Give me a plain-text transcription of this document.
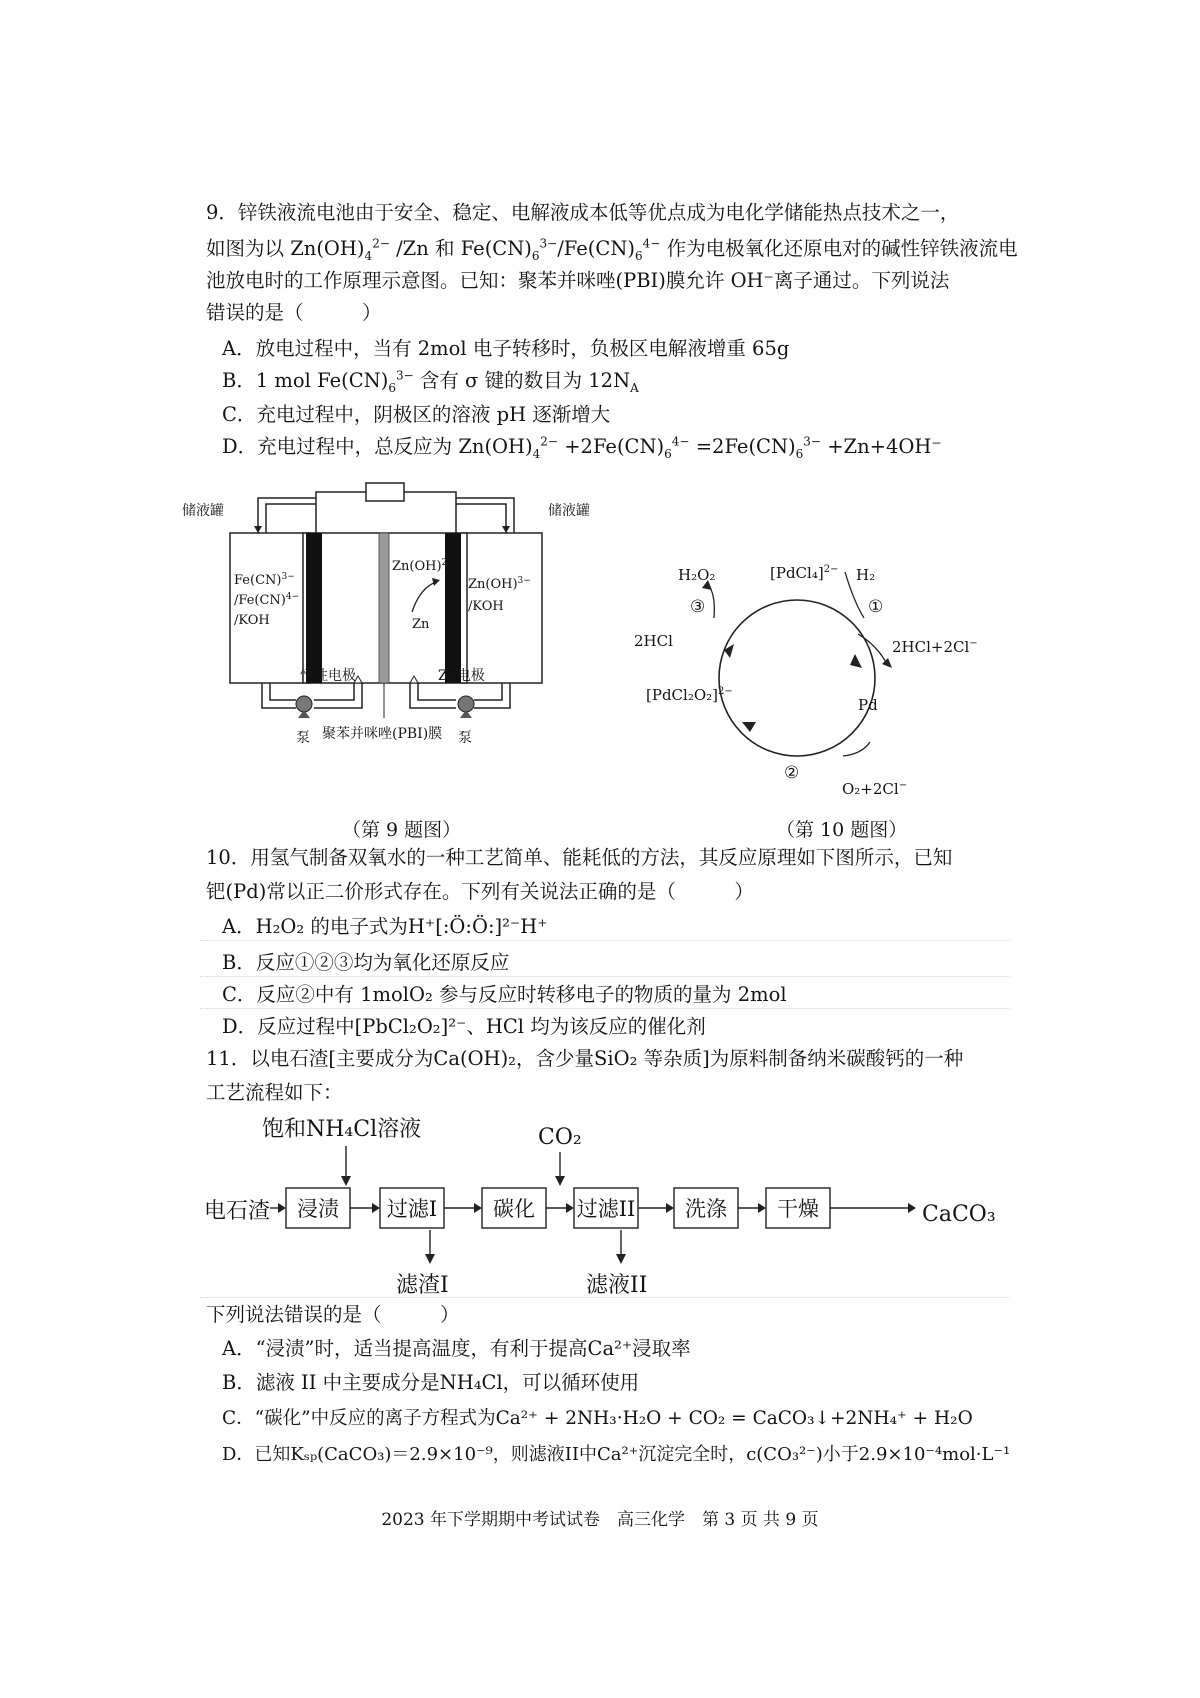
9．锌铁液流电池由于安全、稳定、电解液成本低等优点成为电化学储能热点技术之一，
如图为以 $Zn(OH)_4^{2-}$ /Zn 和 $Fe(CN)_6^{3-}/Fe(CN)_6^{4-}$ 作为电极氧化还原电对的碱性锌铁液流电
池放电时的工作原理示意图。已知：聚苯并咪唑(PBI)膜允许 OH⁻离子通过。下列说法
错误的是（　　　）
A．放电过程中，当有 2mol 电子转移时，负极区电解液增重 65g
B．1 mol $Fe(CN)_6^{3-}$ 含有 σ 键的数目为 $12N_A$
C．充电过程中，阴极区的溶液 pH 逐渐增大
D．充电过程中，总反应为 $Zn(OH)_4^{2-} +2Fe(CN)_6^{4-} =2Fe(CN)_6^{3-} +Zn+4OH^-$
储液罐	储液罐
Fe(CN)$^{3-}$
/Fe(CN)$^{4-}$
/KOH
Zn(OH)$^{3-}$
/KOH
Zn(OH)$^{2-}$
Zn
惰性电极	Zn电极
聚苯并咪唑(PBI)膜
泵	泵
（第 9 题图）
H₂O₂	[PdCl₄]$^{2-}$ H₂
①
③
2HCl	2HCl+2Cl−
Pd
[PdCl₂O₂]$^{2-}$
②
O₂+2Cl−
（第 10 题图）
10．用氢气制备双氧水的一种工艺简单、能耗低的方法，其反应原理如下图所示，已知
钯(Pd)常以正二价形式存在。下列有关说法正确的是（　　　）
A．H₂O₂ 的电子式为H⁺[:Ö:Ö:]²⁻H⁺
B．反应①②③均为氧化还原反应
C．反应②中有 1molO₂ 参与反应时转移电子的物质的量为 2mol
D．反应过程中[PbCl₂O₂]²⁻、HCl 均为该反应的催化剂
11．以电石渣[主要成分为Ca(OH)₂，含少量SiO₂ 等杂质]为原料制备纳米碳酸钙的一种
工艺流程如下：
饱和NH₄Cl溶液	CO₂
电石渣 浸渍 过滤I	碳化 过滤II 洗涤 干燥	CaCO₃
滤渣I	滤液II
下列说法错误的是（　　　）
A．“浸渍”时，适当提高温度，有利于提高Ca²⁺浸取率
B．滤液 II 中主要成分是NH₄Cl，可以循环使用
C．“碳化”中反应的离子方程式为Ca²⁺ + 2NH₃·H₂O + CO₂ = CaCO₃↓+2NH₄⁺ + H₂O
D．已知Kₛₚ(CaCO₃)＝2.9×10⁻⁹，则滤液II中Ca²⁺沉淀完全时，c(CO₃²⁻)小于2.9×10⁻⁴mol·L⁻¹
2023 年下学期期中考试试卷　高三化学　第 3 页 共 9 页
